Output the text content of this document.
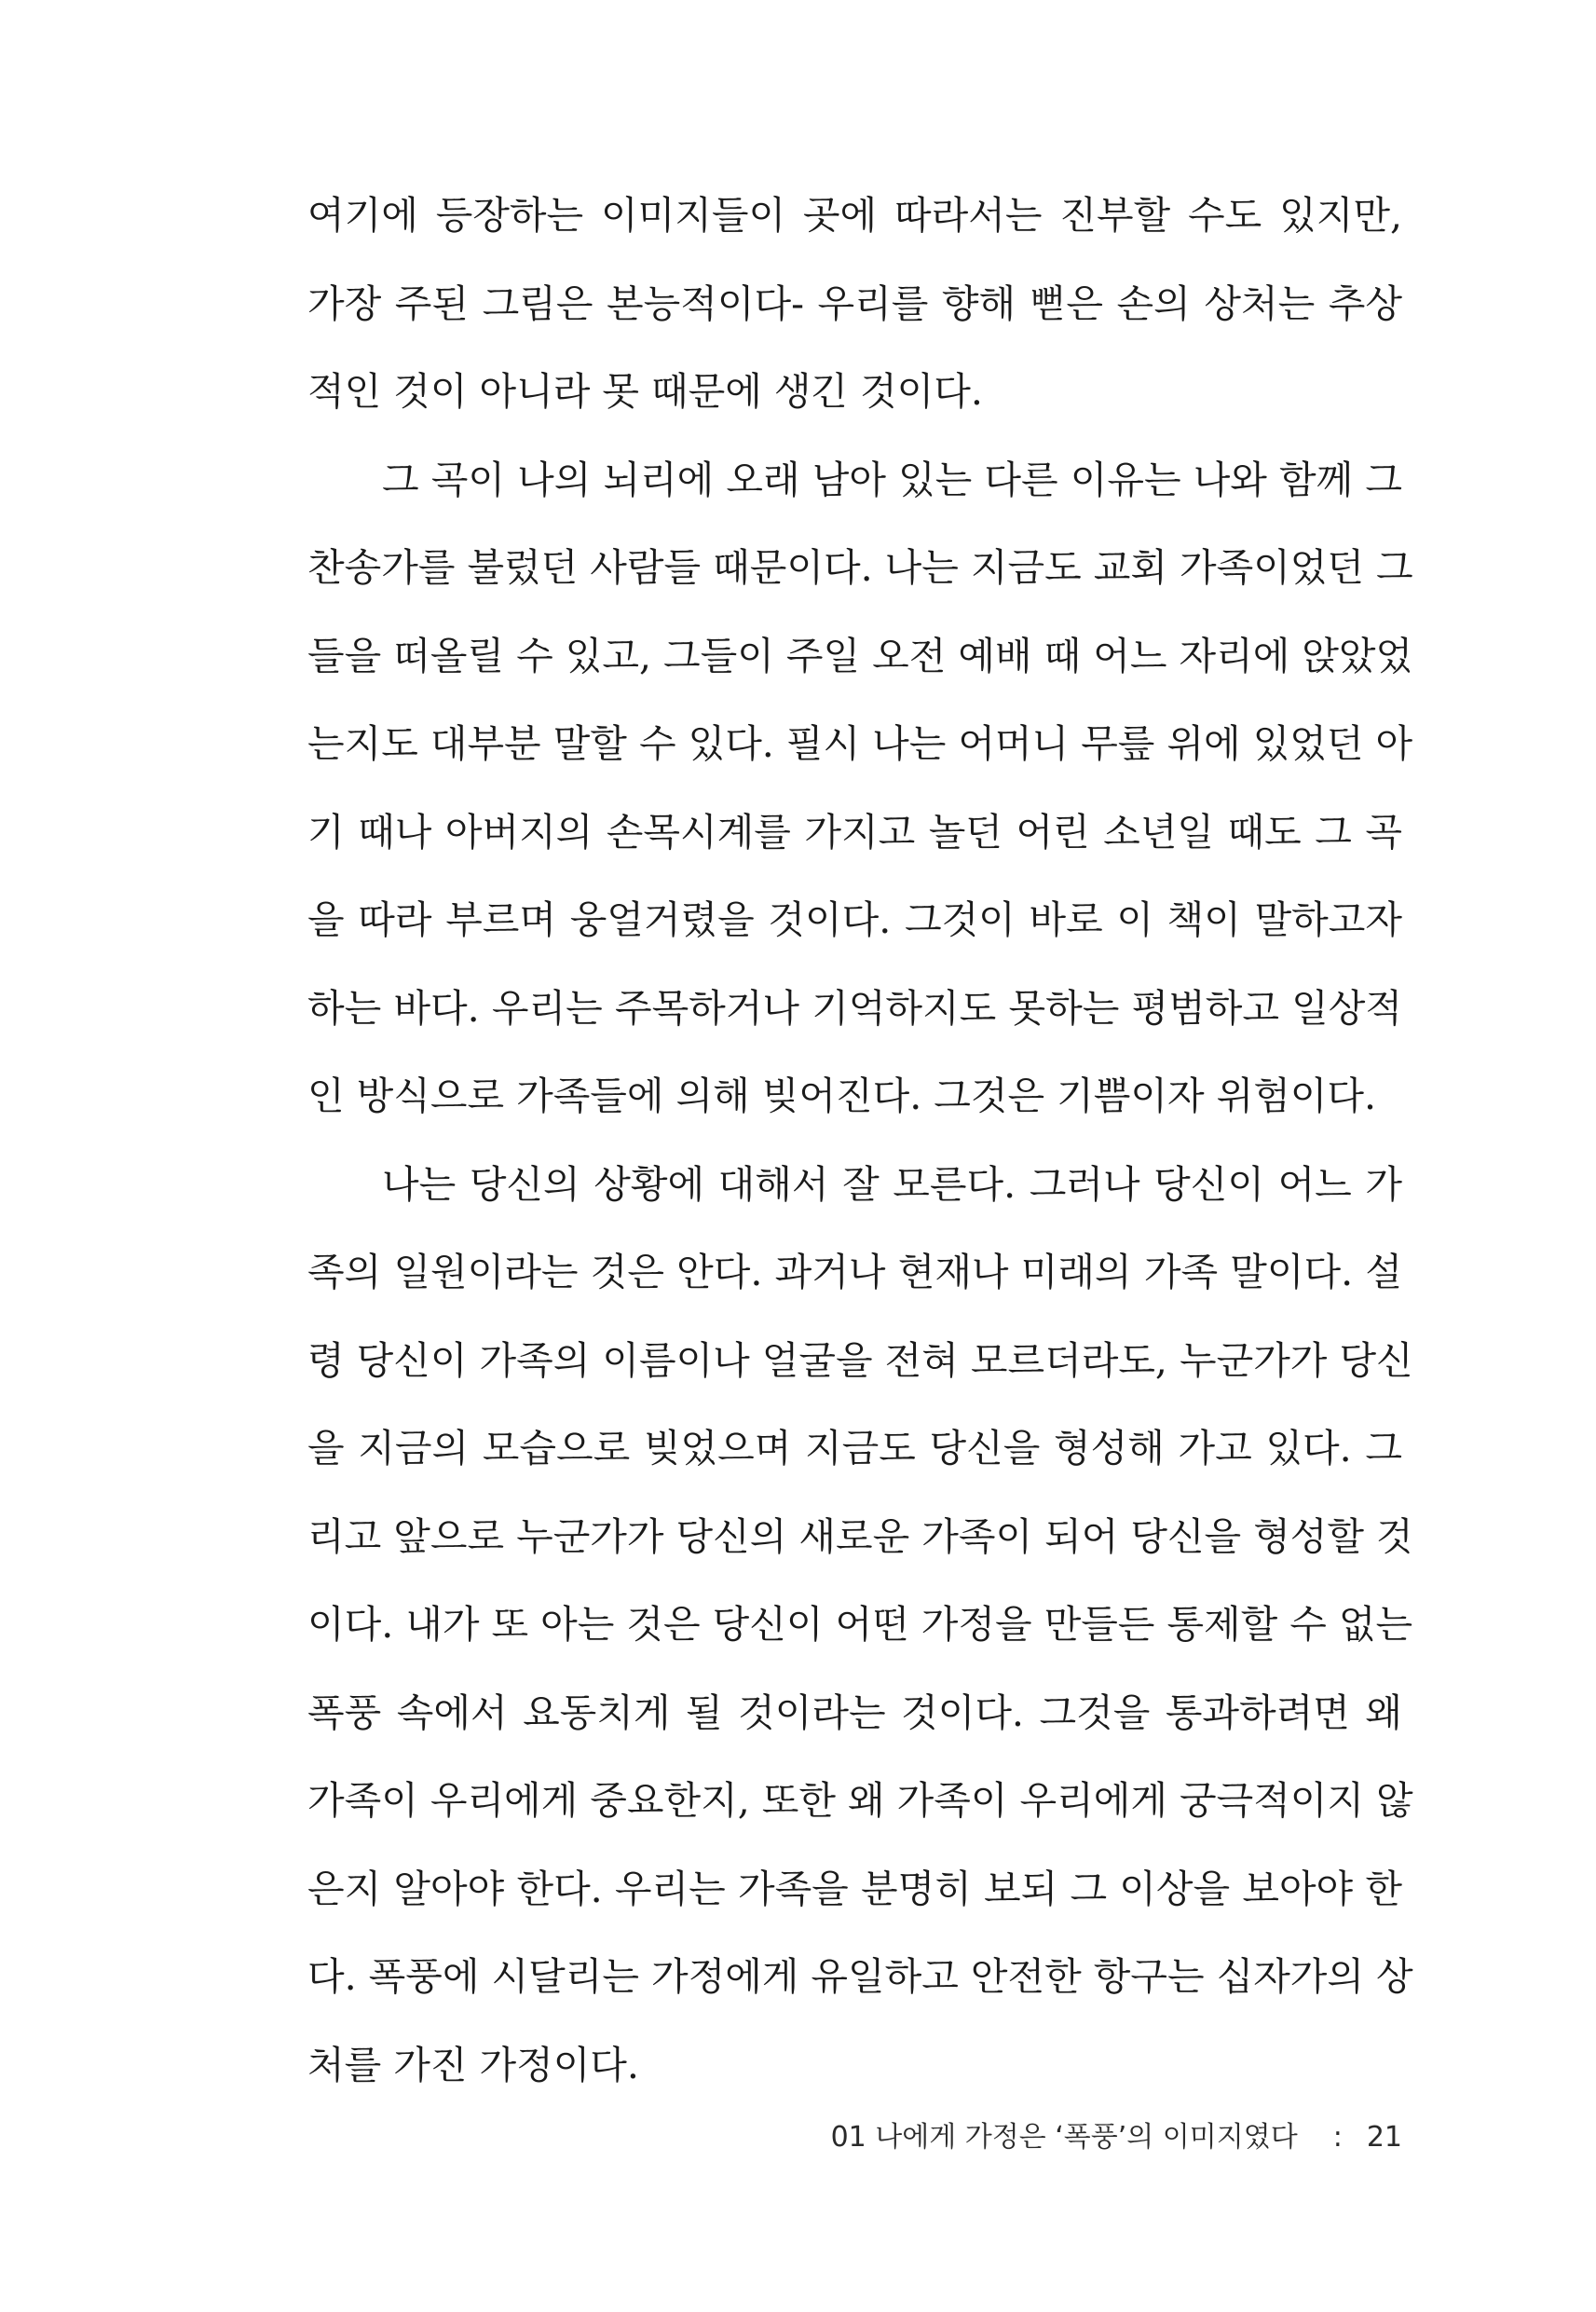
여기에 등장하는 이미지들이 곳에 따라서는 진부할 수도 있지만,
가장 주된 그림은 본능적이다- 우리를 향해 뻗은 손의 상처는 추상
적인 것이 아니라 못 때문에 생긴 것이다.
그 곡이 나의 뇌리에 오래 남아 있는 다른 이유는 나와 함께 그
찬송가를 불렀던 사람들 때문이다. 나는 지금도 교회 가족이었던 그
들을 떠올릴 수 있고, 그들이 주일 오전 예배 때 어느 자리에 앉았었
는지도 대부분 말할 수 있다. 필시 나는 어머니 무릎 위에 있었던 아
기 때나 아버지의 손목시계를 가지고 놀던 어린 소년일 때도 그 곡
을 따라 부르며 웅얼거렸을 것이다. 그것이 바로 이 책이 말하고자
하는 바다. 우리는 주목하거나 기억하지도 못하는 평범하고 일상적
인 방식으로 가족들에 의해 빚어진다. 그것은 기쁨이자 위험이다.
나는 당신의 상황에 대해서 잘 모른다. 그러나 당신이 어느 가
족의 일원이라는 것은 안다. 과거나 현재나 미래의 가족 말이다. 설
령 당신이 가족의 이름이나 얼굴을 전혀 모르더라도, 누군가가 당신
을 지금의 모습으로 빚었으며 지금도 당신을 형성해 가고 있다. 그
리고 앞으로 누군가가 당신의 새로운 가족이 되어 당신을 형성할 것
이다. 내가 또 아는 것은 당신이 어떤 가정을 만들든 통제할 수 없는
폭풍 속에서 요동치게 될 것이라는 것이다. 그것을 통과하려면 왜
가족이 우리에게 중요한지, 또한 왜 가족이 우리에게 궁극적이지 않
은지 알아야 한다. 우리는 가족을 분명히 보되 그 이상을 보아야 한
다. 폭풍에 시달리는 가정에게 유일하고 안전한 항구는 십자가의 상
처를 가진 가정이다.
01 나에게 가정은 ‘폭풍’의 이미지였다 : 21
